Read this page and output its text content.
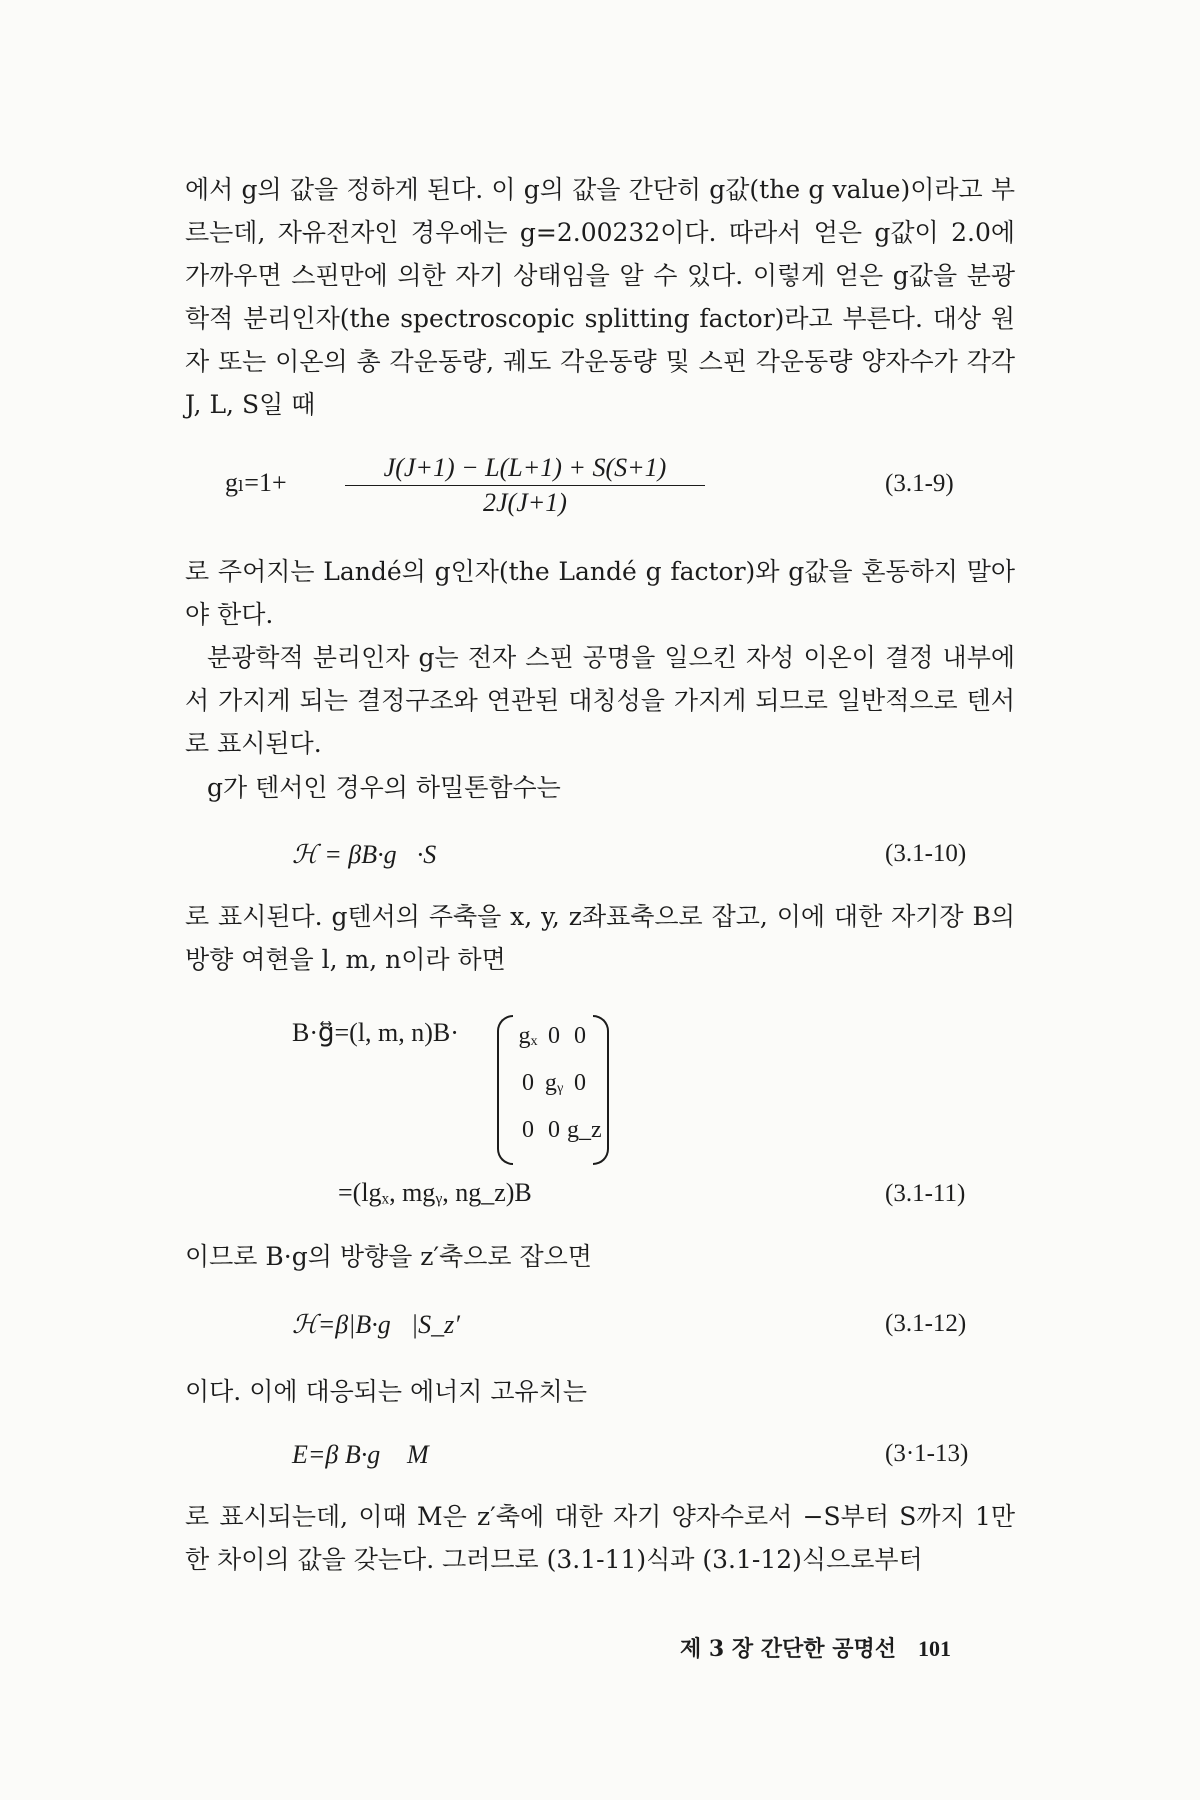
에서 g의 값을 정하게 된다. 이 g의 값을 간단히 g값(the g value)이라고 부르는데, 자유전자인 경우에는 g=2.00232이다. 따라서 얻은 g값이 2.0에 가까우면 스핀만에 의한 자기 상태임을 알 수 있다. 이렇게 얻은 g값을 분광학적 분리인자(the spectroscopic splitting factor)라고 부른다. 대상 원자 또는 이온의 총 각운동량, 궤도 각운동량 및 스핀 각운동량 양자수가 각각 J, L, S일 때

$g_l=1+ \frac{J(J+1) - L(L+1) + S(S+1)}{2J(J+1)}$	(3.1-9)

로 주어지는 Landé의 g인자(the Landé g factor)와 g값을 혼동하지 말아야 한다.

분광학적 분리인자 g는 전자 스핀 공명을 일으킨 자성 이온이 결정 내부에서 가지게 되는 결정구조와 연관된 대칭성을 가지게 되므로 일반적으로 텐서로 표시된다.

g가 텐서인 경우의 하밀톤함수는

ℋ = βB·g⃡·S	(3.1-10)

로 표시된다. g텐서의 주축을 x, y, z좌표축으로 잡고, 이에 대한 자기장 B의 방향 여현을 l, m, n이라 하면

B·g⃡=(l, m, n)B· gₓ 0 0
0 gᵧ 0
0 0 g_z
=(lgₓ, mgᵧ, ng_z)B	(3.1-11)

이므로 B·g의 방향을 z′축으로 잡으면

ℋ=β|B·g⃡|S_z′	(3.1-12)

이다. 이에 대응되는 에너지 고유치는

E=β B·g⃡ M	(3·1-13)

로 표시되는데, 이때 M은 z′축에 대한 자기 양자수로서 −S부터 S까지 1만한 차이의 값을 갖는다. 그러므로 (3.1-11)식과 (3.1-12)식으로부터

제 3 장 간단한 공명선 101
